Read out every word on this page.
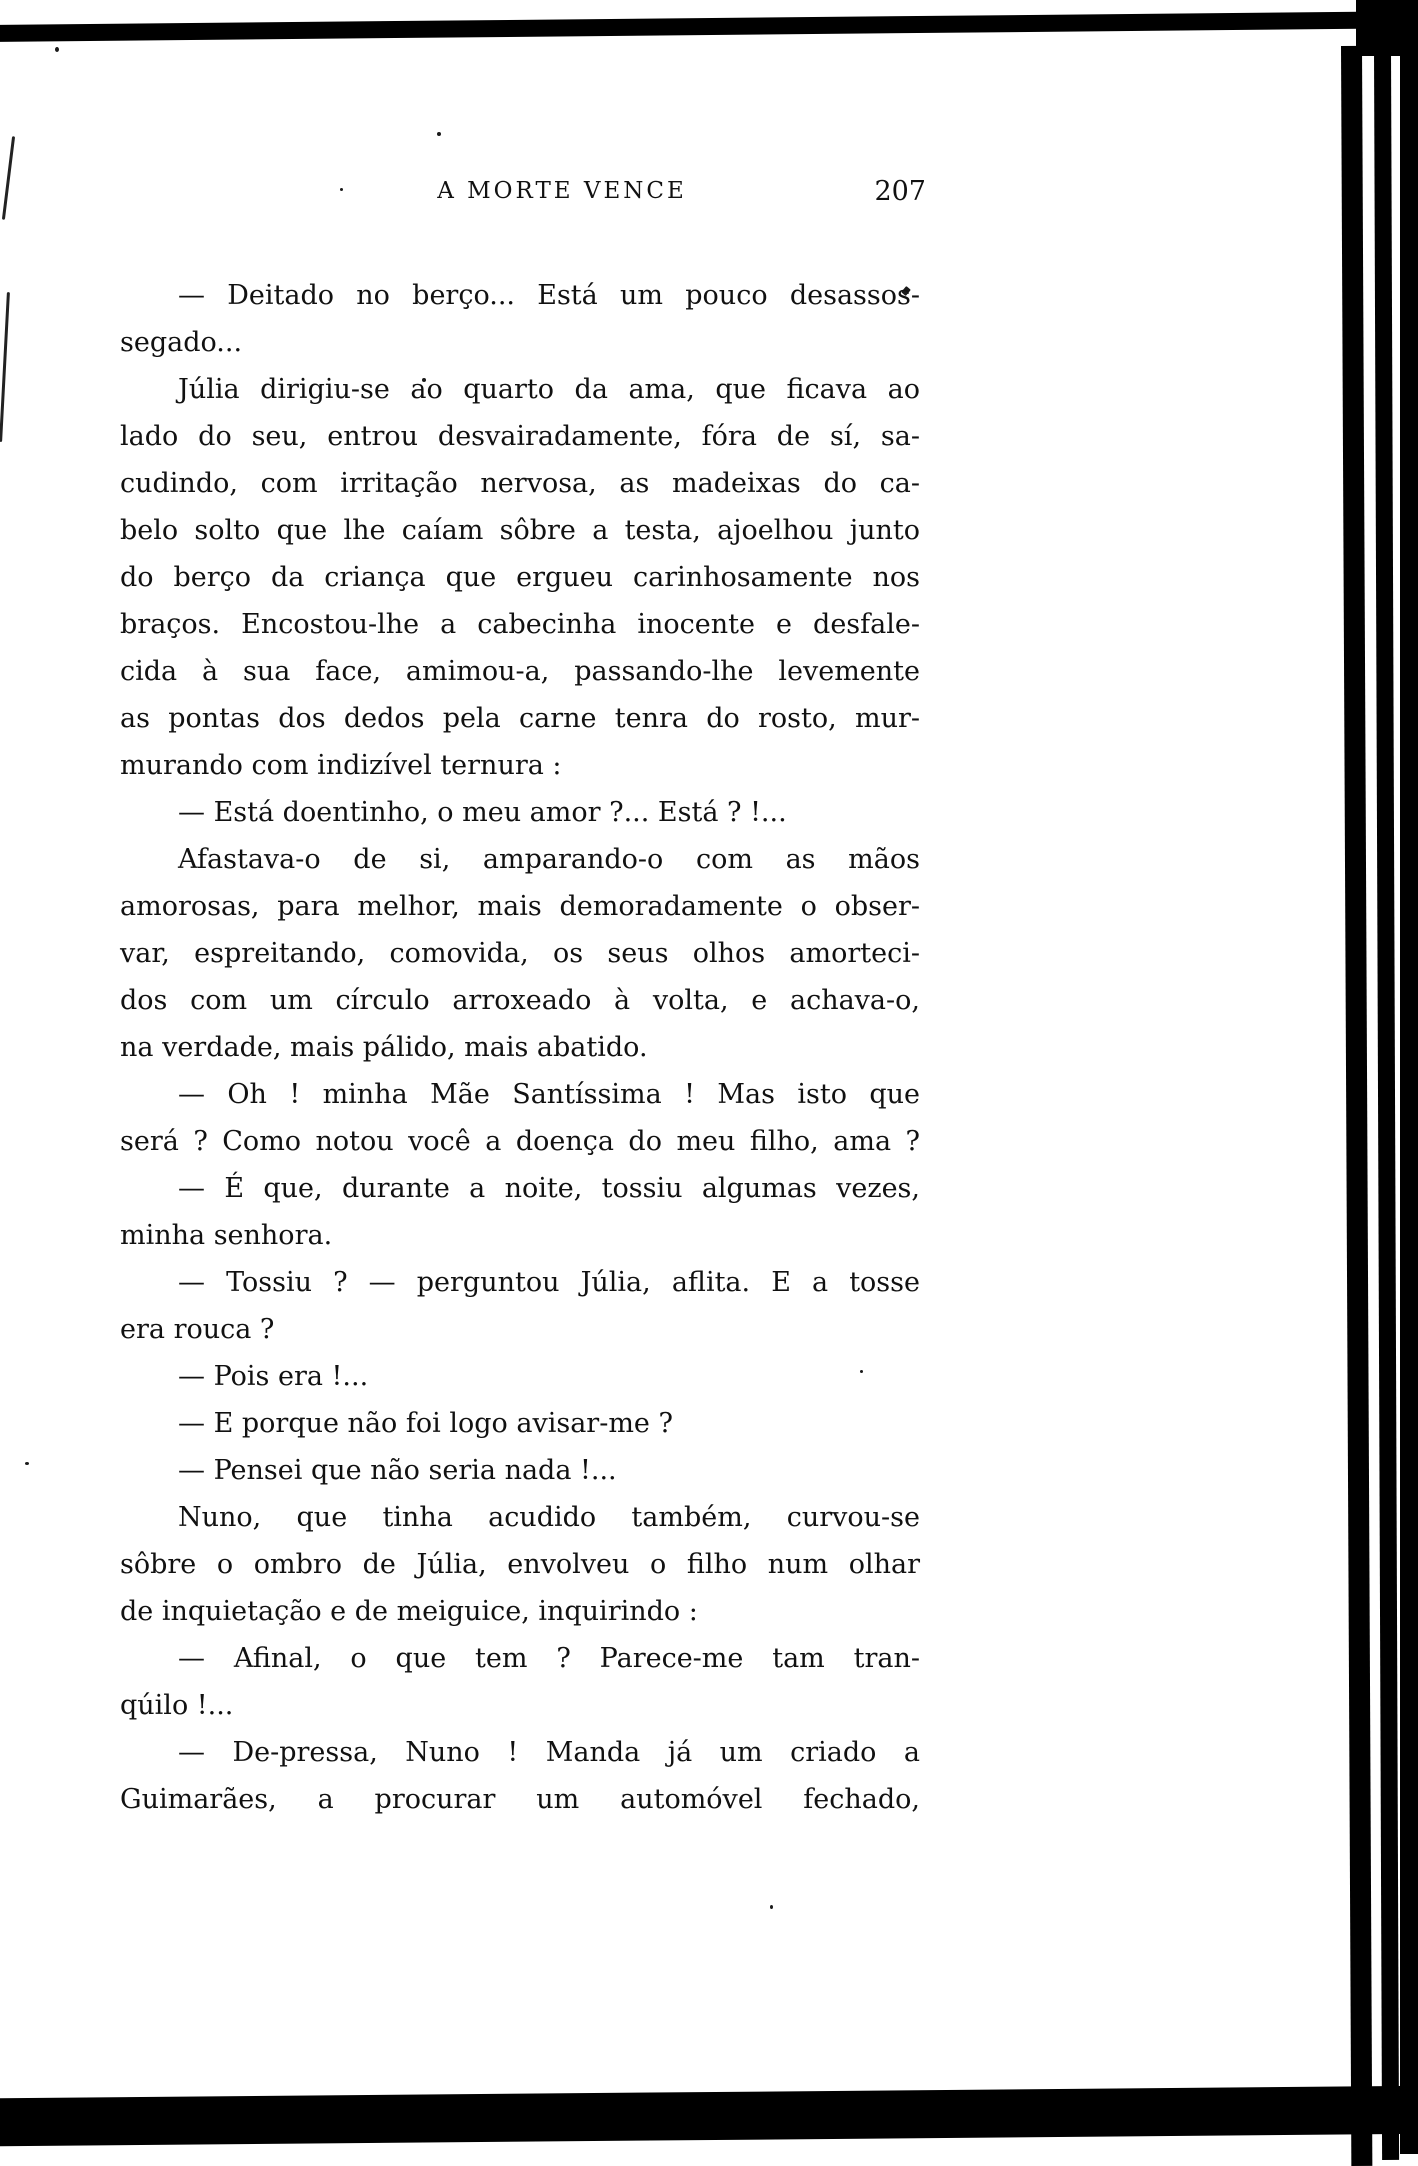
A MORTE VENCE	207
— Deitado no berço... Está um pouco desassos-
segado...
Júlia dirigiu-se ao quarto da ama, que ficava ao
lado do seu, entrou desvairadamente, fóra de sí, sa-
cudindo, com irritação nervosa, as madeixas do ca-
belo solto que lhe caíam sôbre a testa, ajoelhou junto
do berço da criança que ergueu carinhosamente nos
braços. Encostou-lhe a cabecinha inocente e desfale-
cida à sua face, amimou-a, passando-lhe levemente
as pontas dos dedos pela carne tenra do rosto, mur-
murando com indizível ternura :
— Está doentinho, o meu amor ?... Está ? !...
Afastava-o de si, amparando-o com as mãos
amorosas, para melhor, mais demoradamente o obser-
var, espreitando, comovida, os seus olhos amorteci-
dos com um círculo arroxeado à volta, e achava-o,
na verdade, mais pálido, mais abatido.
— Oh ! minha Mãe Santíssima ! Mas isto que
será ? Como notou você a doença do meu filho, ama ?
— É que, durante a noite, tossiu algumas vezes,
minha senhora.
— Tossiu ? — perguntou Júlia, aflita. E a tosse
era rouca ?
— Pois era !...
— E porque não foi logo avisar-me ?
— Pensei que não seria nada !...
Nuno, que tinha acudido também, curvou-se
sôbre o ombro de Júlia, envolveu o filho num olhar
de inquietação e de meiguice, inquirindo :
— Afinal, o que tem ? Parece-me tam tran-
qúilo !...
— De-pressa, Nuno ! Manda já um criado a
Guimarães, a procurar um automóvel fechado,
